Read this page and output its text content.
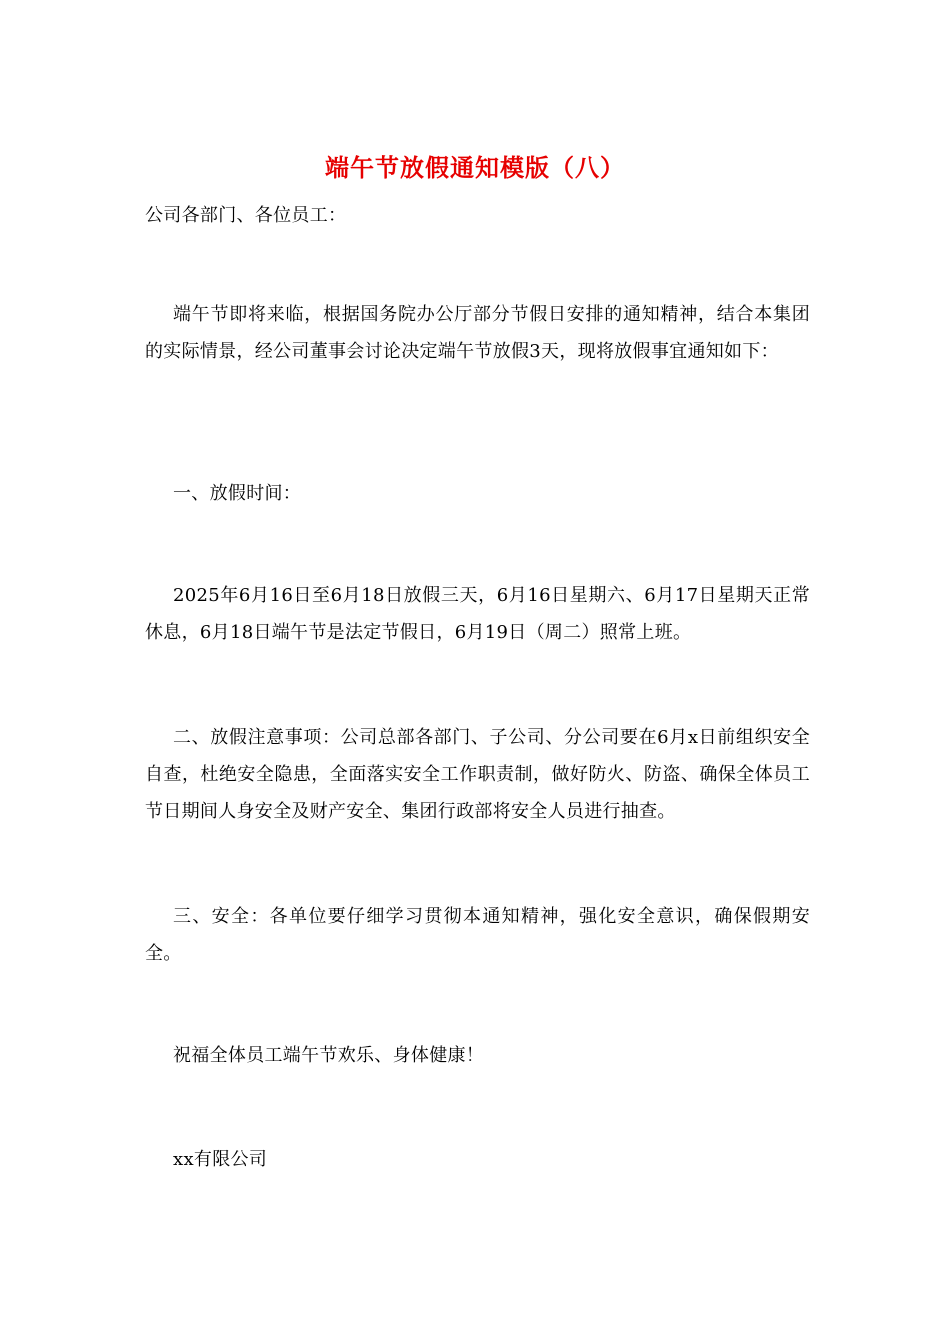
端午节放假通知模版（八）

公司各部门、各位员工：

端午节即将来临，根据国务院办公厅部分节假日安排的通知精神，结合本集团的实际情景，经公司董事会讨论决定端午节放假3天，现将放假事宜通知如下：

一、放假时间：

2025年6月16日至6月18日放假三天，6月16日星期六、6月17日星期天正常休息，6月18日端午节是法定节假日，6月19日（周二）照常上班。

二、放假注意事项：公司总部各部门、子公司、分公司要在6月x日前组织安全自查，杜绝安全隐患，全面落实安全工作职责制，做好防火、防盗、确保全体员工节日期间人身安全及财产安全、集团行政部将安全人员进行抽查。

三、安全：各单位要仔细学习贯彻本通知精神，强化安全意识，确保假期安全。

祝福全体员工端午节欢乐、身体健康！

xx有限公司
